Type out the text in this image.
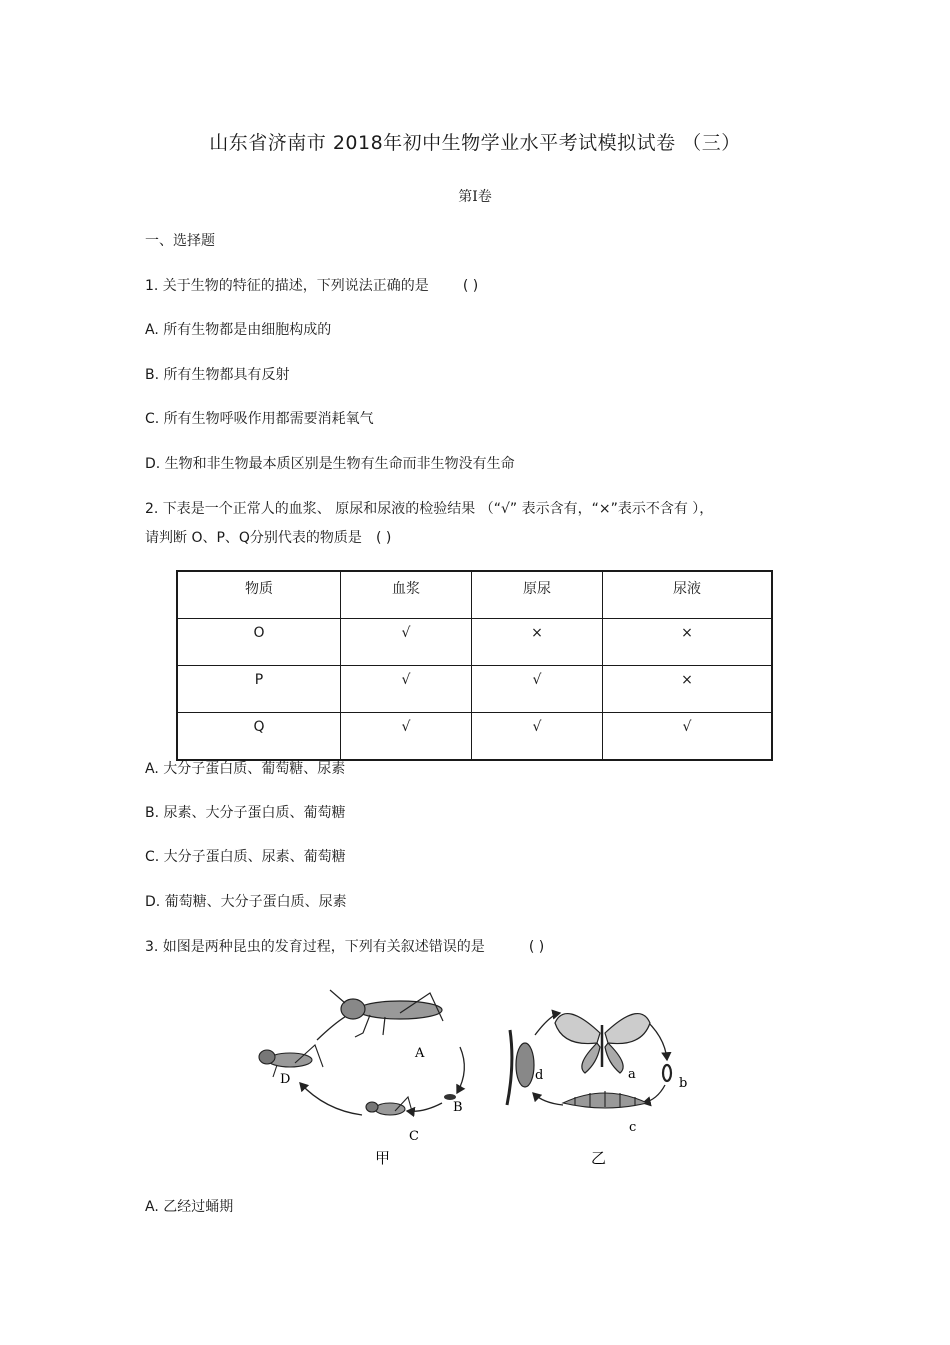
山东省济南市 2018年初中生物学业水平考试模拟试卷 （三）
第Ⅰ卷
一、选择题
1. 关于生物的特征的描述，下列说法正确的是 ( )
A. 所有生物都是由细胞构成的
B. 所有生物都具有反射
C. 所有生物呼吸作用都需要消耗氧气
D. 生物和非生物最本质区别是生物有生命而非生物没有生命
2. 下表是一个正常人的血浆、 原尿和尿液的检验结果 （“√” 表示含有，“×”表示不含有 ），
请判断 O、P、Q分别代表的物质是 ( )
物质	血浆	原尿	尿液
O	√	×	×
P	√	√	×
Q	√	√	√
A. 大分子蛋白质、葡萄糖、尿素
B. 尿素、大分子蛋白质、葡萄糖
C. 大分子蛋白质、尿素、葡萄糖
D. 葡萄糖、大分子蛋白质、尿素
3. 如图是两种昆虫的发育过程，下列有关叙述错误的是	( )
A
B
C
D
甲
a
b
c
d
乙
A. 乙经过蛹期
